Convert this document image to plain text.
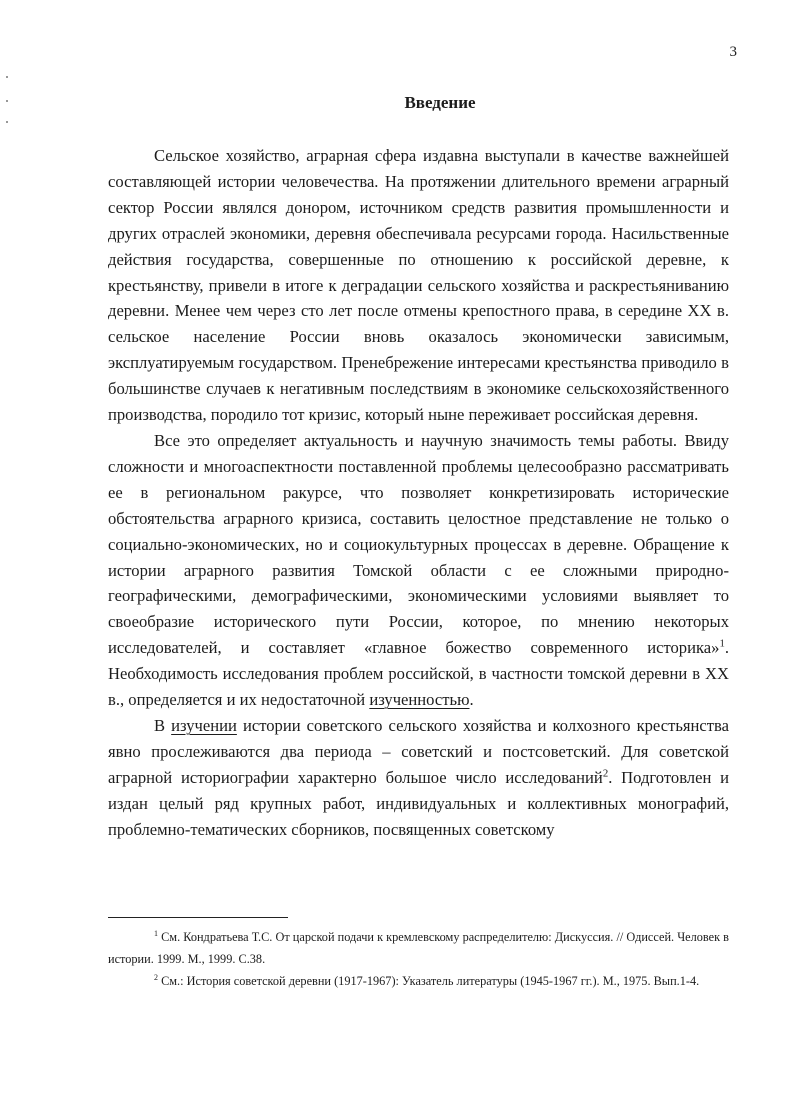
3
Введение

Сельское хозяйство, аграрная сфера издавна выступали в качестве важнейшей составляющей истории человечества. На протяжении длительного времени аграрный сектор России являлся донором, источником средств развития промышленности и других отраслей экономики, деревня обеспечивала ресурсами города. Насильственные действия государства, совершенные по отношению к российской деревне, к крестьянству, привели в итоге к деградации сельского хозяйства и раскрестьяниванию деревни. Менее чем через сто лет после отмены крепостного права, в середине XX в. сельское население России вновь оказалось экономически зависимым, эксплуатируемым государством. Пренебрежение интересами крестьянства приводило в большинстве случаев к негативным последствиям в экономике сельскохозяйственного производства, породило тот кризис, который ныне переживает российская деревня.

Все это определяет актуальность и научную значимость темы работы. Ввиду сложности и многоаспектности поставленной проблемы целесообразно рассматривать ее в региональном ракурсе, что позволяет конкретизировать исторические обстоятельства аграрного кризиса, составить целостное представление не только о социально-экономических, но и социокультурных процессах в деревне. Обращение к истории аграрного развития Томской области с ее сложными природно-географическими, демографическими, экономическими условиями выявляет то своеобразие исторического пути России, которое, по мнению некоторых исследователей, и составляет «главное божество современного историка»$^1$. Необходимость исследования проблем российской, в частности томской деревни в XX в., определяется и их недостаточной изученностью.

В изучении истории советского сельского хозяйства и колхозного крестьянства явно прослеживаются два периода – советский и постсоветский. Для советской аграрной историографии характерно большое число исследований$^2$. Подготовлен и издан целый ряд крупных работ, индивидуальных и коллективных монографий, проблемно-тематических сборников, посвященных советскому

$^1$ См. Кондратьева Т.С. От царской подачи к кремлевскому распределителю: Дискуссия. // Одиссей. Человек в истории. 1999. М., 1999. С.38.

$^2$ См.: История советской деревни (1917-1967): Указатель литературы (1945-1967 гг.). М., 1975. Вып.1-4.
